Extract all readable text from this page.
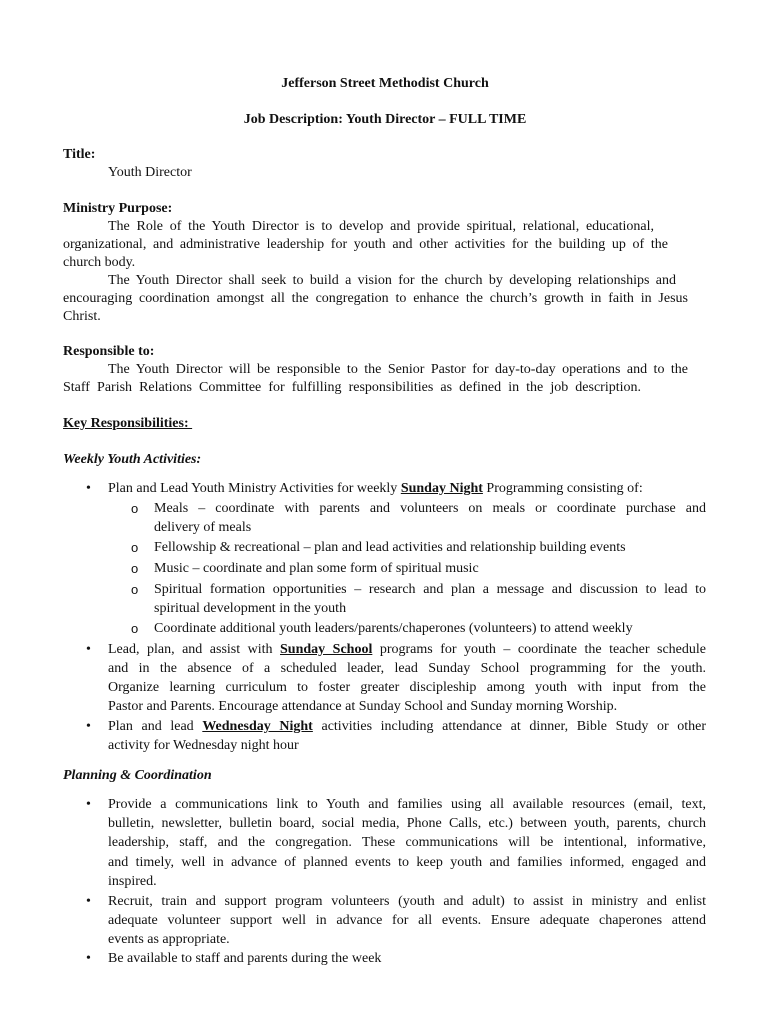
Jefferson Street Methodist Church
Job Description: Youth Director – FULL TIME
Title:
Youth Director
Ministry Purpose:
The Role of the Youth Director is to develop and provide spiritual, relational, educational,
organizational, and administrative leadership for youth and other activities for the building up of the
church body.
The Youth Director shall seek to build a vision for the church by developing relationships and
encouraging coordination amongst all the congregation to enhance the church’s growth in faith in Jesus
Christ.
Responsible to:
The Youth Director will be responsible to the Senior Pastor for day-to-day operations and to the
Staff Parish Relations Committee for fulfilling responsibilities as defined in the job description.
Key Responsibilities:
Weekly Youth Activities:
• Plan and Lead Youth Ministry Activities for weekly Sunday Night Programming consisting of:
o Meals – coordinate with parents and volunteers on meals or coordinate purchase and
delivery of meals
o Fellowship & recreational – plan and lead activities and relationship building events
o Music – coordinate and plan some form of spiritual music
o Spiritual formation opportunities – research and plan a message and discussion to lead to
spiritual development in the youth
o Coordinate additional youth leaders/parents/chaperones (volunteers) to attend weekly
• Lead, plan, and assist with Sunday School programs for youth – coordinate the teacher schedule
and in the absence of a scheduled leader, lead Sunday School programming for the youth.
Organize learning curriculum to foster greater discipleship among youth with input from the
Pastor and Parents. Encourage attendance at Sunday School and Sunday morning Worship.
• Plan and lead Wednesday Night activities including attendance at dinner, Bible Study or other
activity for Wednesday night hour
Planning & Coordination
• Provide a communications link to Youth and families using all available resources (email, text,
bulletin, newsletter, bulletin board, social media, Phone Calls, etc.) between youth, parents, church
leadership, staff, and the congregation. These communications will be intentional, informative,
and timely, well in advance of planned events to keep youth and families informed, engaged and
inspired.
• Recruit, train and support program volunteers (youth and adult) to assist in ministry and enlist
adequate volunteer support well in advance for all events. Ensure adequate chaperones attend
events as appropriate.
• Be available to staff and parents during the week
